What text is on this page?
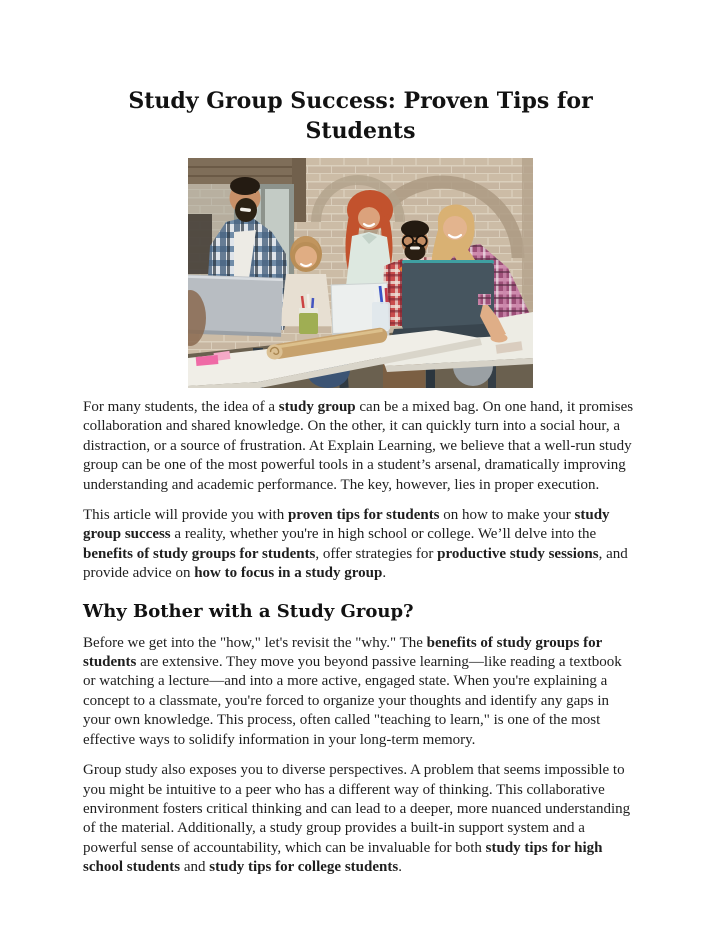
Study Group Success: Proven Tips for Students

For many students, the idea of a study group can be a mixed bag. On one hand, it promises collaboration and shared knowledge. On the other, it can quickly turn into a social hour, a distraction, or a source of frustration. At Explain Learning, we believe that a well-run study group can be one of the most powerful tools in a student’s arsenal, dramatically improving understanding and academic performance. The key, however, lies in proper execution.

This article will provide you with proven tips for students on how to make your study group success a reality, whether you're in high school or college. We’ll delve into the benefits of study groups for students, offer strategies for productive study sessions, and provide advice on how to focus in a study group.

Why Bother with a Study Group?

Before we get into the "how," let's revisit the "why." The benefits of study groups for students are extensive. They move you beyond passive learning—like reading a textbook or watching a lecture—and into a more active, engaged state. When you're explaining a concept to a classmate, you're forced to organize your thoughts and identify any gaps in your own knowledge. This process, often called "teaching to learn," is one of the most effective ways to solidify information in your long-term memory.

Group study also exposes you to diverse perspectives. A problem that seems impossible to you might be intuitive to a peer who has a different way of thinking. This collaborative environment fosters critical thinking and can lead to a deeper, more nuanced understanding of the material. Additionally, a study group provides a built-in support system and a powerful sense of accountability, which can be invaluable for both study tips for high school students and study tips for college students.
